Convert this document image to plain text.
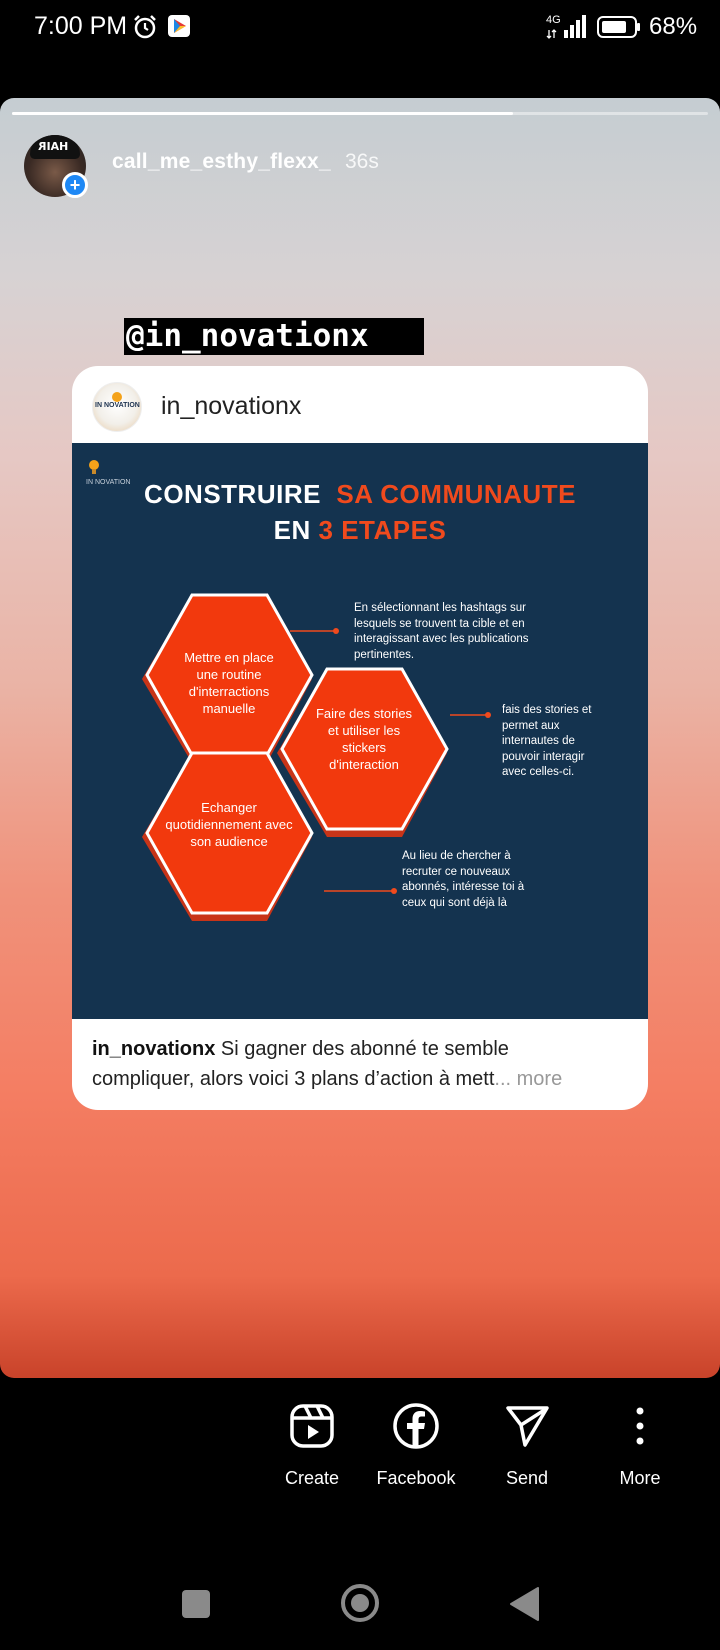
7:00 PM	4G	68%
HAIR
+
call_me_esthy_flexx_ 36s
@in_novationx
IN NOVATION in_novationx
IN NOVATION CONSTRUIRE SA COMMUNAUTE
EN 3 ETAPES
Mettre en place une routine d'interractions manuelle	Faire des stories et utiliser les stickers d'interaction
Echanger quotidiennement avec son audience
En sélectionnant les hashtags sur lesquels se trouvent ta cible et en interagissant avec les publications pertinentes.
fais des stories et permet aux internautes de pouvoir interagir avec celles-ci.
Au lieu de chercher à recruter ce nouveaux abonnés, intéresse toi à ceux qui sont déjà là
in_novationx Si gagner des abonné te semble compliquer, alors voici 3 plans d’action à mett... more
Create	Facebook	Send	More
